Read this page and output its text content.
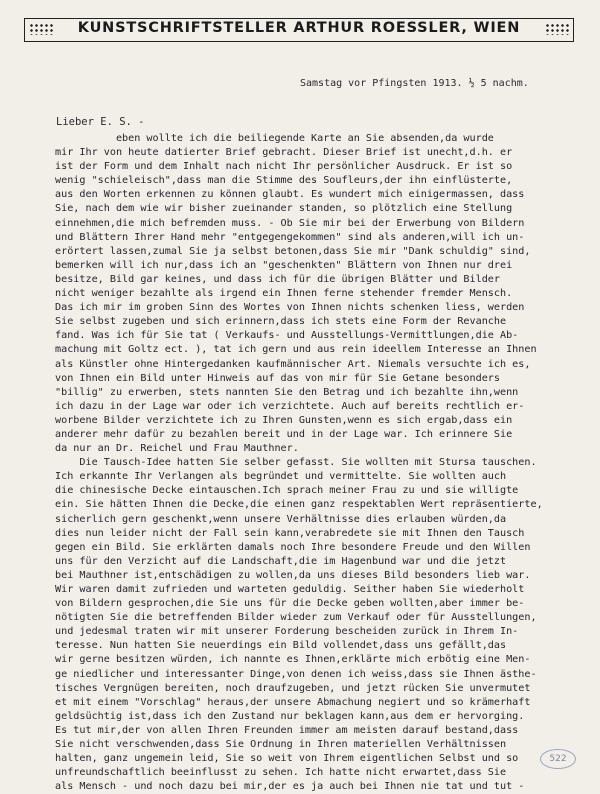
KUNSTSCHRIFTSTELLER ARTHUR ROESSLER, WIEN
Samstag vor Pfingsten 1913. ½ 5 nachm.
Lieber E. S. -
eben wollte ich die beiliegende Karte an Sie absenden,da wurde
mir Ihr von heute datierter Brief gebracht. Dieser Brief ist unecht,d.h. er
ist der Form und dem Inhalt nach nicht Ihr persönlicher Ausdruck. Er ist so
wenig "schieleisch",dass man die Stimme des Soufleurs,der ihn einflüsterte,
aus den Worten erkennen zu können glaubt. Es wundert mich einigermassen, dass
Sie, nach dem wie wir bisher zueinander standen, so plötzlich eine Stellung
einnehmen,die mich befremden muss. - Ob Sie mir bei der Erwerbung von Bildern
und Blättern Ihrer Hand mehr "entgegengekommen" sind als anderen,will ich un-
erörtert lassen,zumal Sie ja selbst betonen,dass Sie mir "Dank schuldig" sind,
bemerken will ich nur,dass ich an "geschenkten" Blättern von Ihnen nur drei
besitze, Bild gar keines, und dass ich für die übrigen Blätter und Bilder
nicht weniger bezahlte als irgend ein Ihnen ferne stehender fremder Mensch.
Das ich mir im groben Sinn des Wortes von Ihnen nichts schenken liess, werden
Sie selbst zugeben und sich erinnern,dass ich stets eine Form der Revanche
fand. Was ich für Sie tat ( Verkaufs- und Ausstellungs-Vermittlungen,die Ab-
machung mit Goltz ect. ), tat ich gern und aus rein ideellem Interesse an Ihnen
als Künstler ohne Hintergedanken kaufmännischer Art. Niemals versuchte ich es,
von Ihnen ein Bild unter Hinweis auf das von mir für Sie Getane besonders
"billig" zu erwerben, stets nannten Sie den Betrag und ich bezahlte ihn,wenn
ich dazu in der Lage war oder ich verzichtete. Auch auf bereits rechtlich er-
worbene Bilder verzichtete ich zu Ihren Gunsten,wenn es sich ergab,dass ein
anderer mehr dafür zu bezahlen bereit und in der Lage war. Ich erinnere Sie
da nur an Dr. Reichel und Frau Mauthner.
Die Tausch-Idee hatten Sie selber gefasst. Sie wollten mit Stursa tauschen.
Ich erkannte Ihr Verlangen als begründet und vermittelte. Sie wollten auch
die chinesische Decke eintauschen.Ich sprach meiner Frau zu und sie willigte
ein. Sie hätten Ihnen die Decke,die einen ganz respektablen Wert repräsentierte,
sicherlich gern geschenkt,wenn unsere Verhältnisse dies erlauben würden,da
dies nun leider nicht der Fall sein kann,verabredete sie mit Ihnen den Tausch
gegen ein Bild. Sie erklärten damals noch Ihre besondere Freude und den Willen
uns für den Verzicht auf die Landschaft,die im Hagenbund war und die jetzt
bei Mauthner ist,entschädigen zu wollen,da uns dieses Bild besonders lieb war.
Wir waren damit zufrieden und warteten geduldig. Seither haben Sie wiederholt
von Bildern gesprochen,die Sie uns für die Decke geben wollten,aber immer be-
nötigten Sie die betreffenden Bilder wieder zum Verkauf oder für Ausstellungen,
und jedesmal traten wir mit unserer Forderung bescheiden zurück in Ihrem In-
teresse. Nun hatten Sie neuerdings ein Bild vollendet,dass uns gefällt,das
wir gerne besitzen würden, ich nannte es Ihnen,erklärte mich erbötig eine Men-
ge niedlicher und interessanter Dinge,von denen ich weiss,dass sie Ihnen ästhe-
tisches Vergnügen bereiten, noch draufzugeben, und jetzt rücken Sie unvermutet
et mit einem "Vorschlag" heraus,der unsere Abmachung negiert und so krämerhaft
geldsüchtig ist,dass ich den Zustand nur beklagen kann,aus dem er hervorging.
Es tut mir,der von allen Ihren Freunden immer am meisten darauf bestand,dass
Sie nicht verschwenden,dass Sie Ordnung in Ihren materiellen Verhältnissen
halten, ganz ungemein leid, Sie so weit von Ihrem eigentlichen Selbst und so
unfreundschaftlich beeinflusst zu sehen. Ich hatte nicht erwartet,dass Sie
als Mensch - und noch dazu bei mir,der es ja auch bei Ihnen nie tat und tut -
522
